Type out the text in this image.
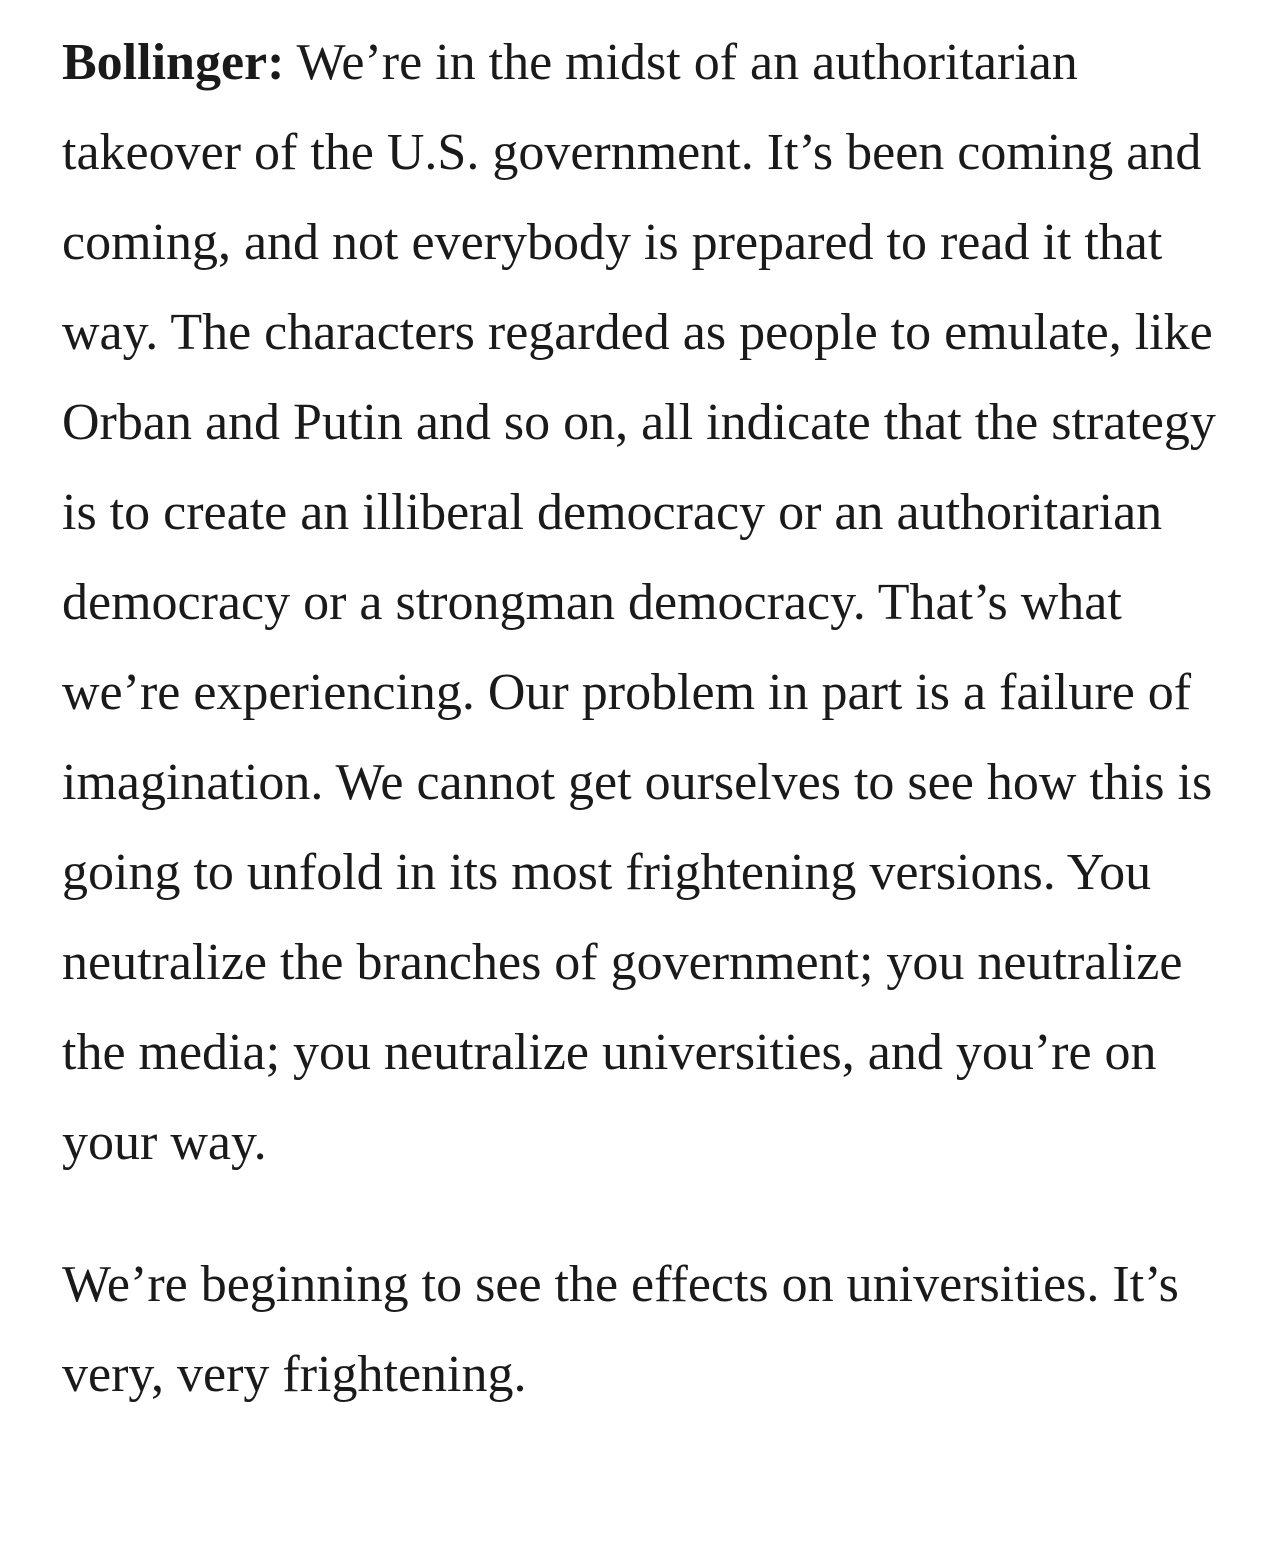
Bollinger: We’re in the midst of an authoritarian takeover of the U.S. government. It’s been coming and coming, and not everybody is prepared to read it that way. The characters regarded as people to emulate, like Orban and Putin and so on, all indicate that the strategy is to create an illiberal democracy or an authoritarian democracy or a strongman democracy. That’s what we’re experiencing. Our problem in part is a failure of imagination. We cannot get ourselves to see how this is going to unfold in its most frightening versions. You neutralize the branches of government; you neutralize the media; you neutralize universities, and you’re on your way.

We’re beginning to see the effects on universities. It’s very, very frightening.
